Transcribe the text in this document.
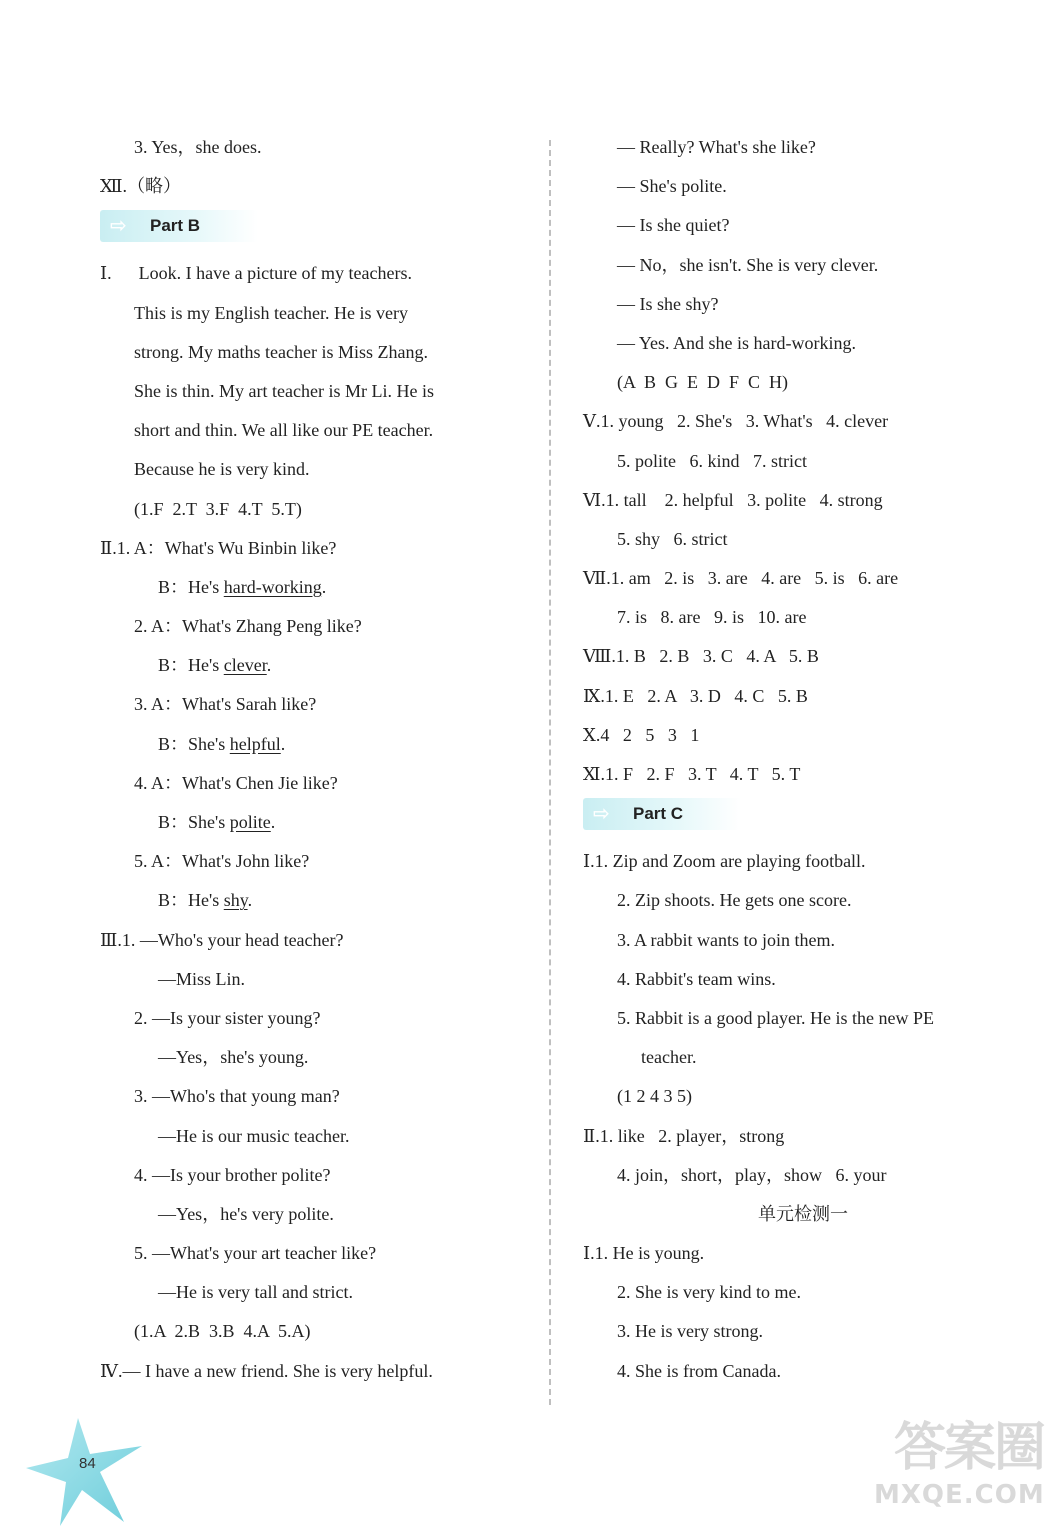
3. Yes，she does.
Ⅻ.（略）
⇨ Part B
Ⅰ.      Look. I have a picture of my teachers.
This is my English teacher. He is very
strong. My maths teacher is Miss Zhang.
She is thin. My art teacher is Mr Li. He is
short and thin. We all like our PE teacher.
Because he is very kind.
(1.F  2.T  3.F  4.T  5.T)
Ⅱ.1. A：What's Wu Binbin like?
B：He's hard-working.
2. A：What's Zhang Peng like?
B：He's clever.
3. A：What's Sarah like?
B：She's helpful.
4. A：What's Chen Jie like?
B：She's polite.
5. A：What's John like?
B：He's shy.
Ⅲ.1. —Who's your head teacher?
—Miss Lin.
2. —Is your sister young?
—Yes，she's young.
3. —Who's that young man?
—He is our music teacher.
4. —Is your brother polite?
—Yes，he's very polite.
5. —What's your art teacher like?
—He is very tall and strict.
(1.A  2.B  3.B  4.A  5.A)
Ⅳ.— I have a new friend. She is very helpful.
— Really? What's she like?
— She's polite.
— Is she quiet?
— No，she isn't. She is very clever.
— Is she shy?
— Yes. And she is hard-working.
(A  B  G  E  D  F  C  H)
Ⅴ.1. young   2. She's   3. What's   4. clever
5. polite   6. kind   7. strict
Ⅵ.1. tall    2. helpful   3. polite   4. strong
5. shy   6. strict
Ⅶ.1. am   2. is   3. are   4. are   5. is   6. are
7. is   8. are   9. is   10. are
Ⅷ.1. B   2. B   3. C   4. A   5. B
Ⅸ.1. E   2. A   3. D   4. C   5. B
Ⅹ.4   2   5   3   1
Ⅺ.1. F   2. F   3. T   4. T   5. T
⇨ Part C
Ⅰ.1. Zip and Zoom are playing football.
2. Zip shoots. He gets one score.
3. A rabbit wants to join them.
4. Rabbit's team wins.
5. Rabbit is a good player. He is the new PE
teacher.
(1 2 4 3 5)
Ⅱ.1. like   2. player，strong
4. join，short，play，show   6. your
单元检测一
Ⅰ.1. He is young.
2. She is very kind to me.
3. He is very strong.
4. She is from Canada.
84	答案圈
MXQE.COM
